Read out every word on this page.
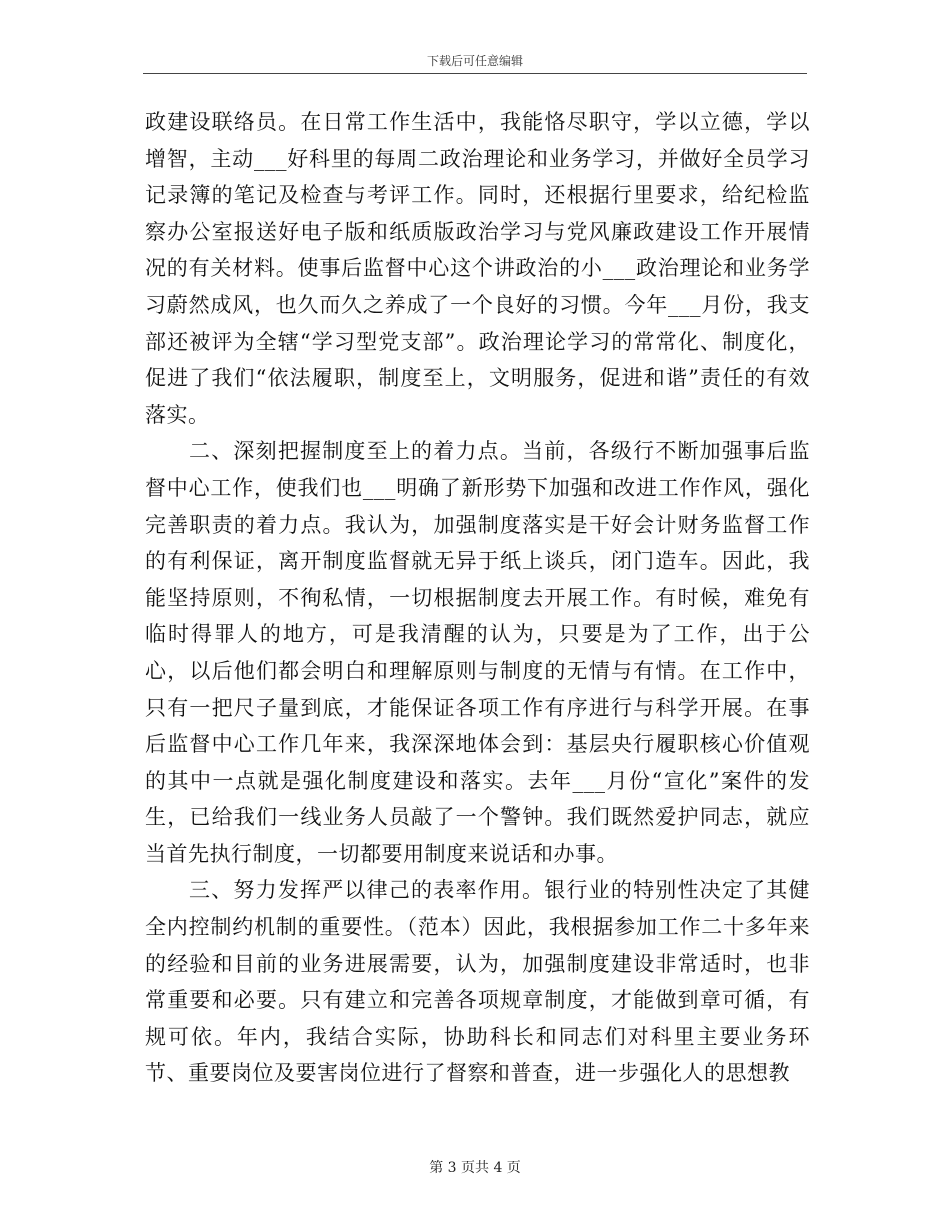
下载后可任意编辑

政建设联络员。在日常工作生活中，我能恪尽职守，学以立德，学以增智，主动___好科里的每周二政治理论和业务学习，并做好全员学习记录簿的笔记及检查与考评工作。同时，还根据行里要求，给纪检监察办公室报送好电子版和纸质版政治学习与党风廉政建设工作开展情况的有关材料。使事后监督中心这个讲政治的小___政治理论和业务学习蔚然成风，也久而久之养成了一个良好的习惯。今年___月份，我支部还被评为全辖“学习型党支部”。政治理论学习的常常化、制度化，促进了我们“依法履职，制度至上，文明服务，促进和谐”责任的有效落实。

二、深刻把握制度至上的着力点。当前，各级行不断加强事后监督中心工作，使我们也___明确了新形势下加强和改进工作作风，强化完善职责的着力点。我认为，加强制度落实是干好会计财务监督工作的有利保证，离开制度监督就无异于纸上谈兵，闭门造车。因此，我能坚持原则，不徇私情，一切根据制度去开展工作。有时候，难免有临时得罪人的地方，可是我清醒的认为，只要是为了工作，出于公心，以后他们都会明白和理解原则与制度的无情与有情。在工作中，只有一把尺子量到底，才能保证各项工作有序进行与科学开展。在事后监督中心工作几年来，我深深地体会到：基层央行履职核心价值观的其中一点就是强化制度建设和落实。去年___月份“宣化”案件的发生，已给我们一线业务人员敲了一个警钟。我们既然爱护同志，就应当首先执行制度，一切都要用制度来说话和办事。

三、努力发挥严以律己的表率作用。银行业的特别性决定了其健全内控制约机制的重要性。（范本）因此，我根据参加工作二十多年来的经验和目前的业务进展需要，认为，加强制度建设非常适时，也非常重要和必要。只有建立和完善各项规章制度，才能做到章可循，有规可依。年内，我结合实际，协助科长和同志们对科里主要业务环节、重要岗位及要害岗位进行了督察和普查，进一步强化人的思想教

第 3 页共 4 页
